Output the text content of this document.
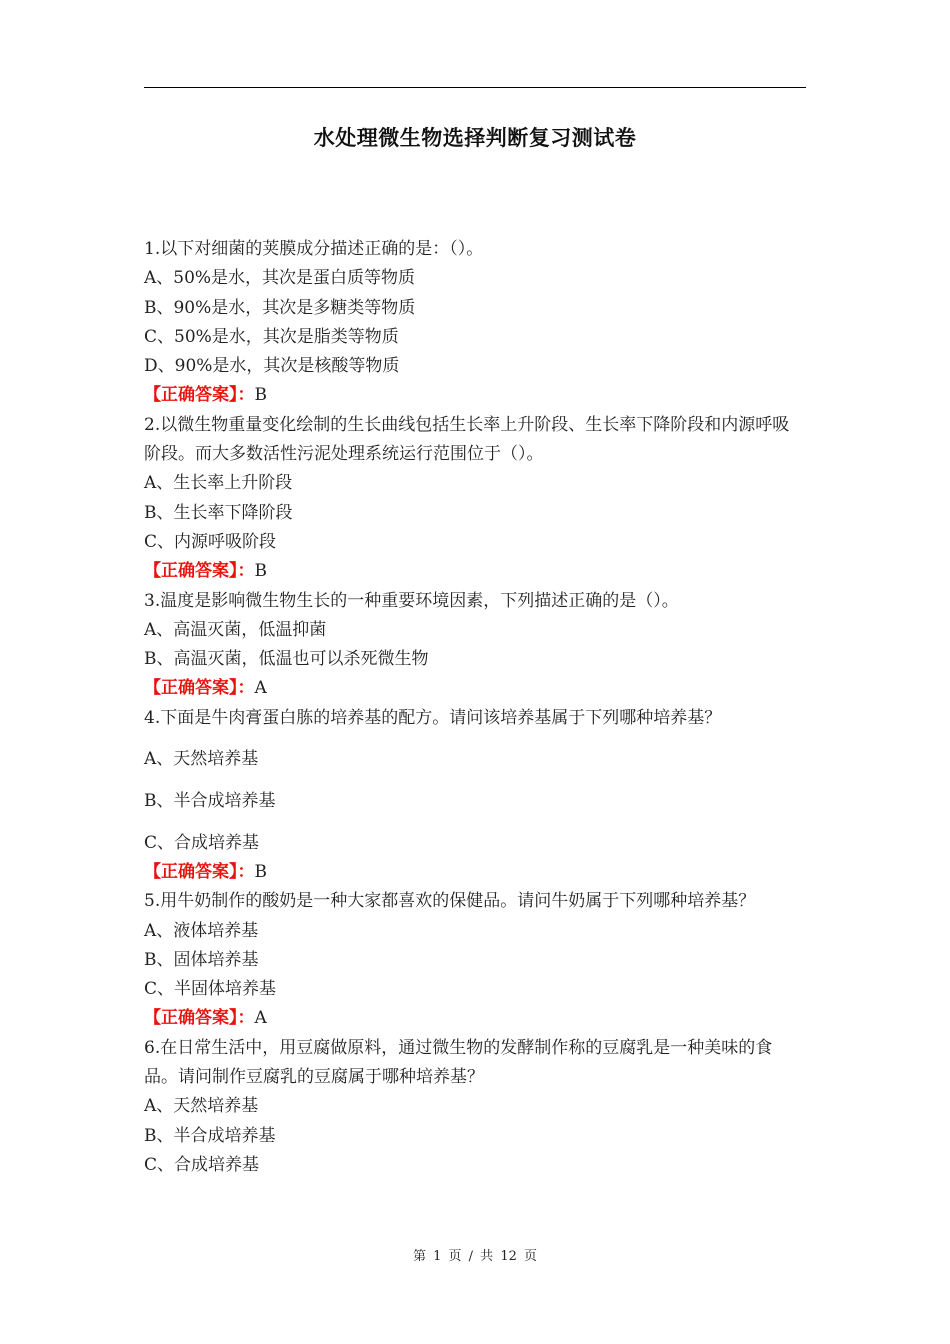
水处理微生物选择判断复习测试卷

1.以下对细菌的荚膜成分描述正确的是：（）。

A、50%是水，其次是蛋白质等物质

B、90%是水，其次是多糖类等物质

C、50%是水，其次是脂类等物质

D、90%是水，其次是核酸等物质

【正确答案】：B

2.以微生物重量变化绘制的生长曲线包括生长率上升阶段、生长率下降阶段和内源呼吸阶段。而大多数活性污泥处理系统运行范围位于（）。

A、生长率上升阶段

B、生长率下降阶段

C、内源呼吸阶段

【正确答案】：B

3.温度是影响微生物生长的一种重要环境因素，下列描述正确的是（）。

A、高温灭菌，低温抑菌

B、高温灭菌，低温也可以杀死微生物

【正确答案】：A

4.下面是牛肉膏蛋白胨的培养基的配方。请问该培养基属于下列哪种培养基？

A、天然培养基

B、半合成培养基

C、合成培养基

【正确答案】：B

5.用牛奶制作的酸奶是一种大家都喜欢的保健品。请问牛奶属于下列哪种培养基？

A、液体培养基

B、固体培养基

C、半固体培养基

【正确答案】：A

6.在日常生活中，用豆腐做原料，通过微生物的发酵制作称的豆腐乳是一种美味的食品。请问制作豆腐乳的豆腐属于哪种培养基？

A、天然培养基

B、半合成培养基

C、合成培养基

第 1 页 / 共 12 页
